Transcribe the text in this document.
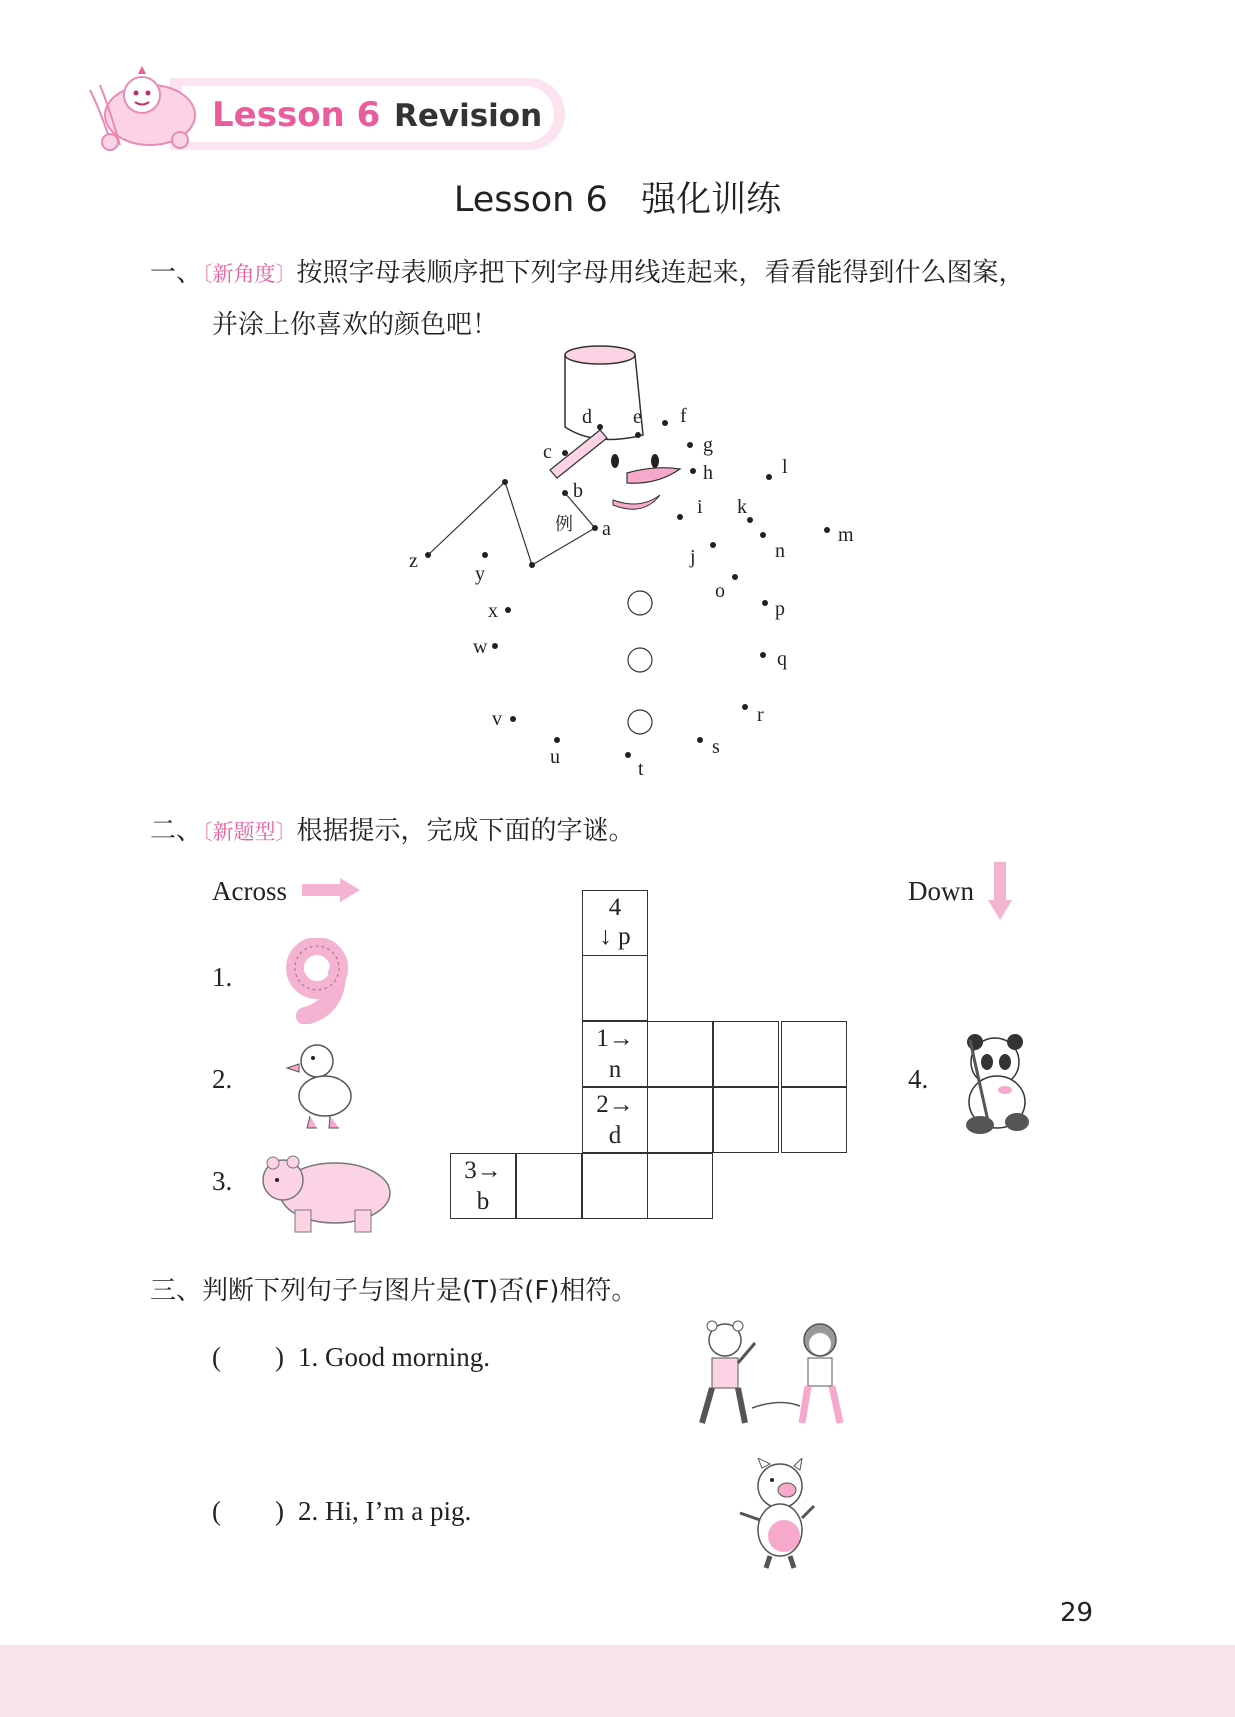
Lesson 6 Revision
Lesson 6   强化训练
一、〔新角度〕按照字母表顺序把下列字母用线连起来，看看能得到什么图案，
并涂上你喜欢的颜色吧！
a
b
c
d e f
g
h
i
j
k
l
m
n
o
p
q
r
s
t
u
v
w
x
y
z
例
二、〔新题型〕根据提示，完成下面的字谜。
Across	Down
1.
2.
3.
4.
4
↓ p
1→
n
2→
d
3→
b
三、判断下列句子与图片是(T)否(F)相符。
(        ) 1. Good morning.
(        ) 2. Hi, I’m a pig.
29
